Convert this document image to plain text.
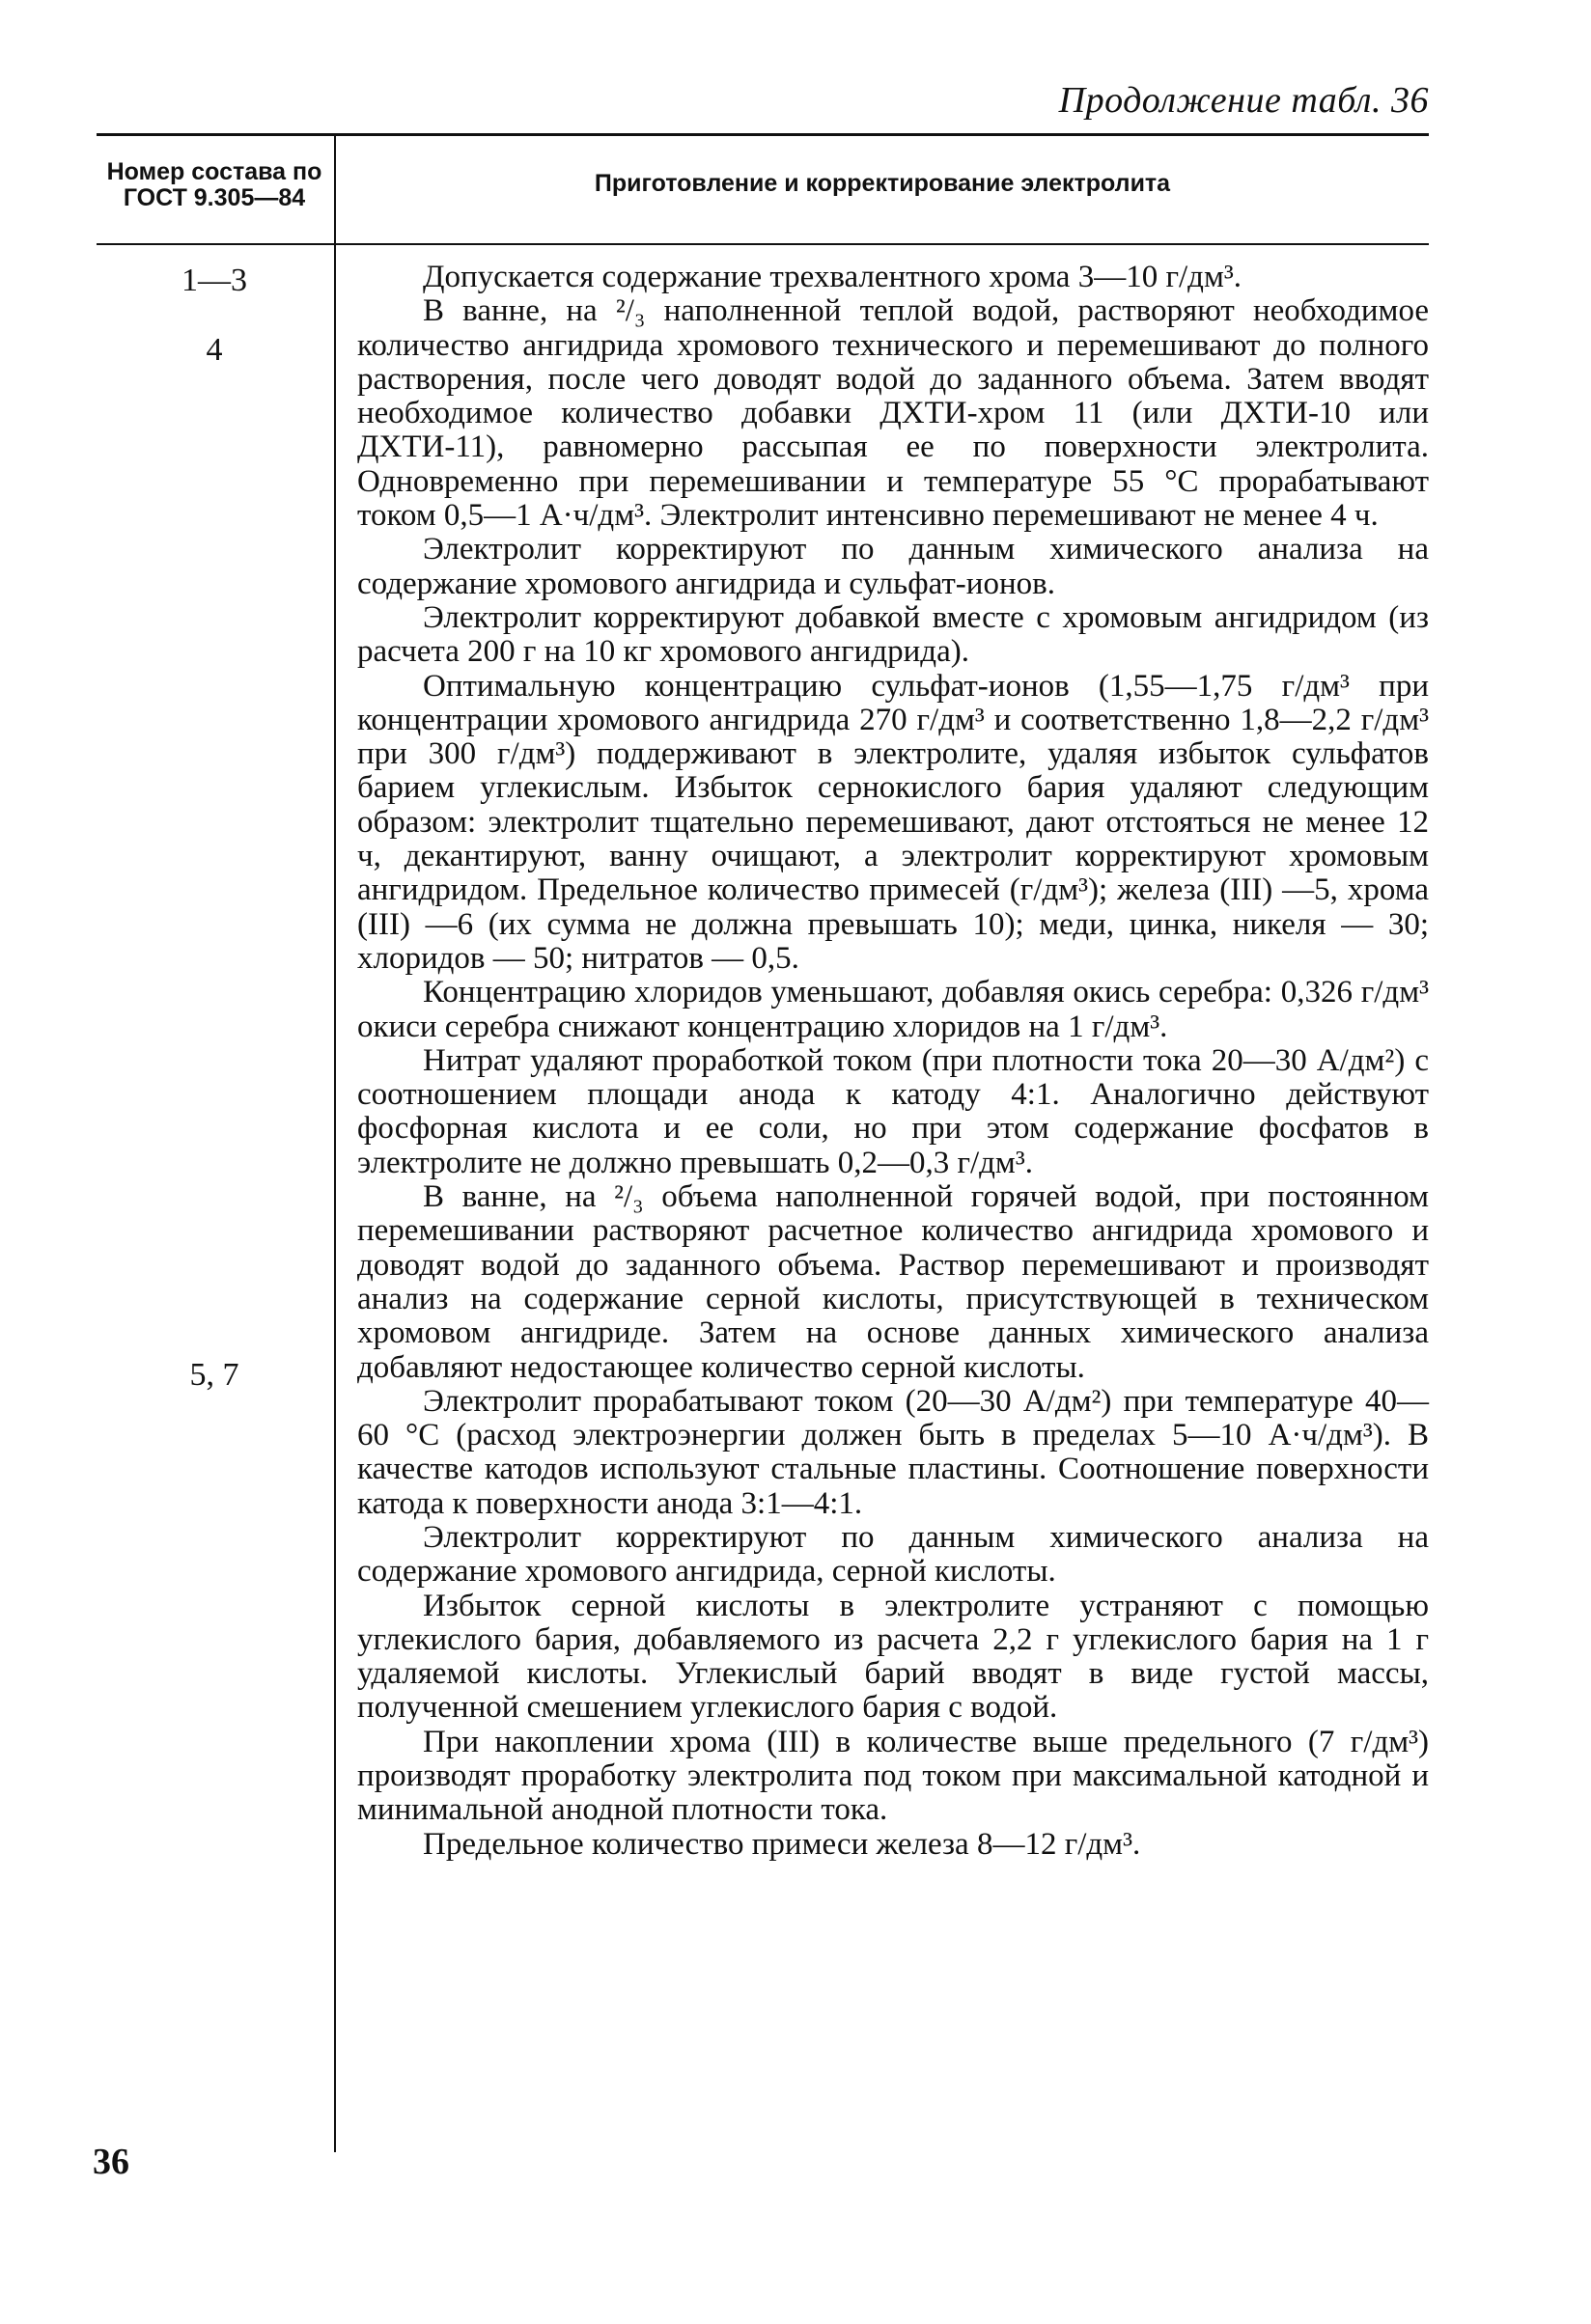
Продолжение табл. 36
Номер состава по ГОСТ 9.305—84
Приготовление и корректирование электролита
1—3
4
5, 7

Допускается содержание трехвалентного хрома 3—10 г/дм³.

В ванне, на ²/₃ наполненной теплой водой, растворяют необходимое количество ангидрида хромового технического и перемешивают до полного растворения, после чего доводят водой до заданного объема. Затем вводят необходимое количество добавки ДХТИ-хром 11 (или ДХТИ-10 или ДХТИ-11), равномерно рассыпая ее по поверхности электролита. Одновременно при перемешивании и температуре 55 °С прорабатывают током 0,5—1 А·ч/дм³. Электролит интенсивно перемешивают не менее 4 ч.

Электролит корректируют по данным химического анализа на содержание хромового ангидрида и сульфат-ионов.

Электролит корректируют добавкой вместе с хромовым ангидридом (из расчета 200 г на 10 кг хромового ангидрида).

Оптимальную концентрацию сульфат-ионов (1,55—1,75 г/дм³ при концентрации хромового ангидрида 270 г/дм³ и соответственно 1,8—2,2 г/дм³ при 300 г/дм³) поддерживают в электролите, удаляя избыток сульфатов барием углекислым. Избыток сернокислого бария удаляют следующим образом: электролит тщательно перемешивают, дают отстояться не менее 12 ч, декантируют, ванну очищают, а электролит корректируют хромовым ангидридом. Предельное количество примесей (г/дм³); железа (III) —5, хрома (III) —6 (их сумма не должна превышать 10); меди, цинка, никеля — 30; хлоридов — 50; нитратов — 0,5.

Концентрацию хлоридов уменьшают, добавляя окись серебра: 0,326 г/дм³ окиси серебра снижают концентрацию хлоридов на 1 г/дм³.

Нитрат удаляют проработкой током (при плотности тока 20—30 А/дм²) с соотношением площади анода к катоду 4:1. Аналогично действуют фосфорная кислота и ее соли, но при этом содержание фосфатов в электролите не должно превышать 0,2—0,3 г/дм³.

В ванне, на ²/₃ объема наполненной горячей водой, при постоянном перемешивании растворяют расчетное количество ангидрида хромового и доводят водой до заданного объема. Раствор перемешивают и производят анализ на содержание серной кислоты, присутствующей в техническом хромовом ангидриде. Затем на основе данных химического анализа добавляют недостающее количество серной кислоты.

Электролит прорабатывают током (20—30 А/дм²) при температуре 40—60 °С (расход электроэнергии должен быть в пределах 5—10 А·ч/дм³). В качестве катодов используют стальные пластины. Соотношение поверхности катода к поверхности анода 3:1—4:1.

Электролит корректируют по данным химического анализа на содержание хромового ангидрида, серной кислоты.

Избыток серной кислоты в электролите устраняют с помощью углекислого бария, добавляемого из расчета 2,2 г углекислого бария на 1 г удаляемой кислоты. Углекислый барий вводят в виде густой массы, полученной смешением углекислого бария с водой.

При накоплении хрома (III) в количестве выше предельного (7 г/дм³) производят проработку электролита под током при максимальной катодной и минимальной анодной плотности тока.

Предельное количество примеси железа 8—12 г/дм³.

36
